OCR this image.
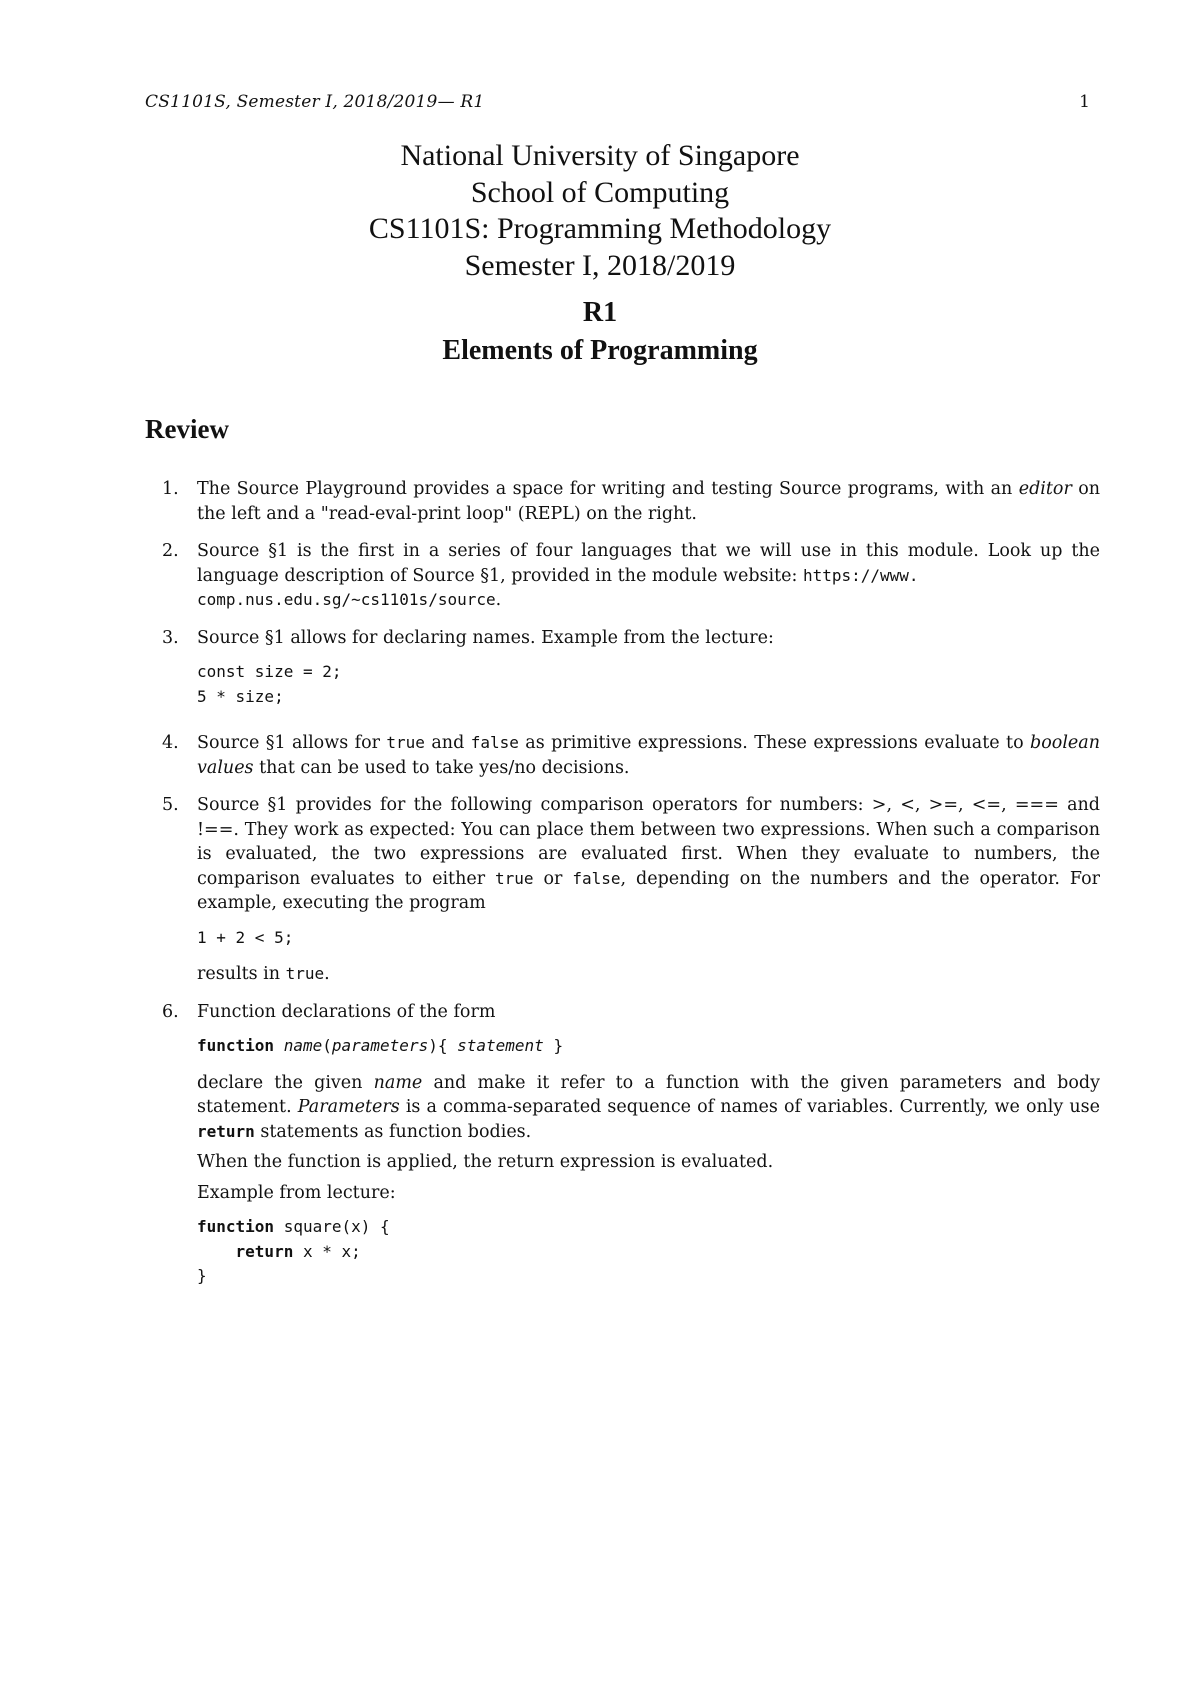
CS1101S, Semester I, 2018/2019— R1	1
National University of Singapore
School of Computing
CS1101S: Programming Methodology
Semester I, 2018/2019
R1
Elements of Programming
Review
1. The Source Playground provides a space for writing and testing Source programs, with an editor on the left and a "read-eval-print loop" (REPL) on the right.

2. Source §1 is the first in a series of four languages that we will use in this module. Look up the language description of Source §1, provided in the module website: https://www.
comp.nus.edu.sg/~cs1101s/source.

3. Source §1 allows for declaring names. Example from the lecture:

const size = 2;
5 * size;
4. Source §1 allows for true and false as primitive expressions. These expressions evaluate to boolean values that can be used to take yes/no decisions.

5. Source §1 provides for the following comparison operators for numbers: >, <, >=, <=, === and !==. They work as expected: You can place them between two expressions. When such a comparison is evaluated, the two expressions are evaluated first. When they evaluate to numbers, the comparison evaluates to either true or false, depending on the numbers and the operator. For example, executing the program

1 + 2 < 5;

results in true.

6. Function declarations of the form

function name(parameters){ statement }

declare the given name and make it refer to a function with the given parameters and body statement. Parameters is a comma-separated sequence of names of variables. Currently, we only use return statements as function bodies.

When the function is applied, the return expression is evaluated.

Example from lecture:

function square(x) {
return x * x;
}
